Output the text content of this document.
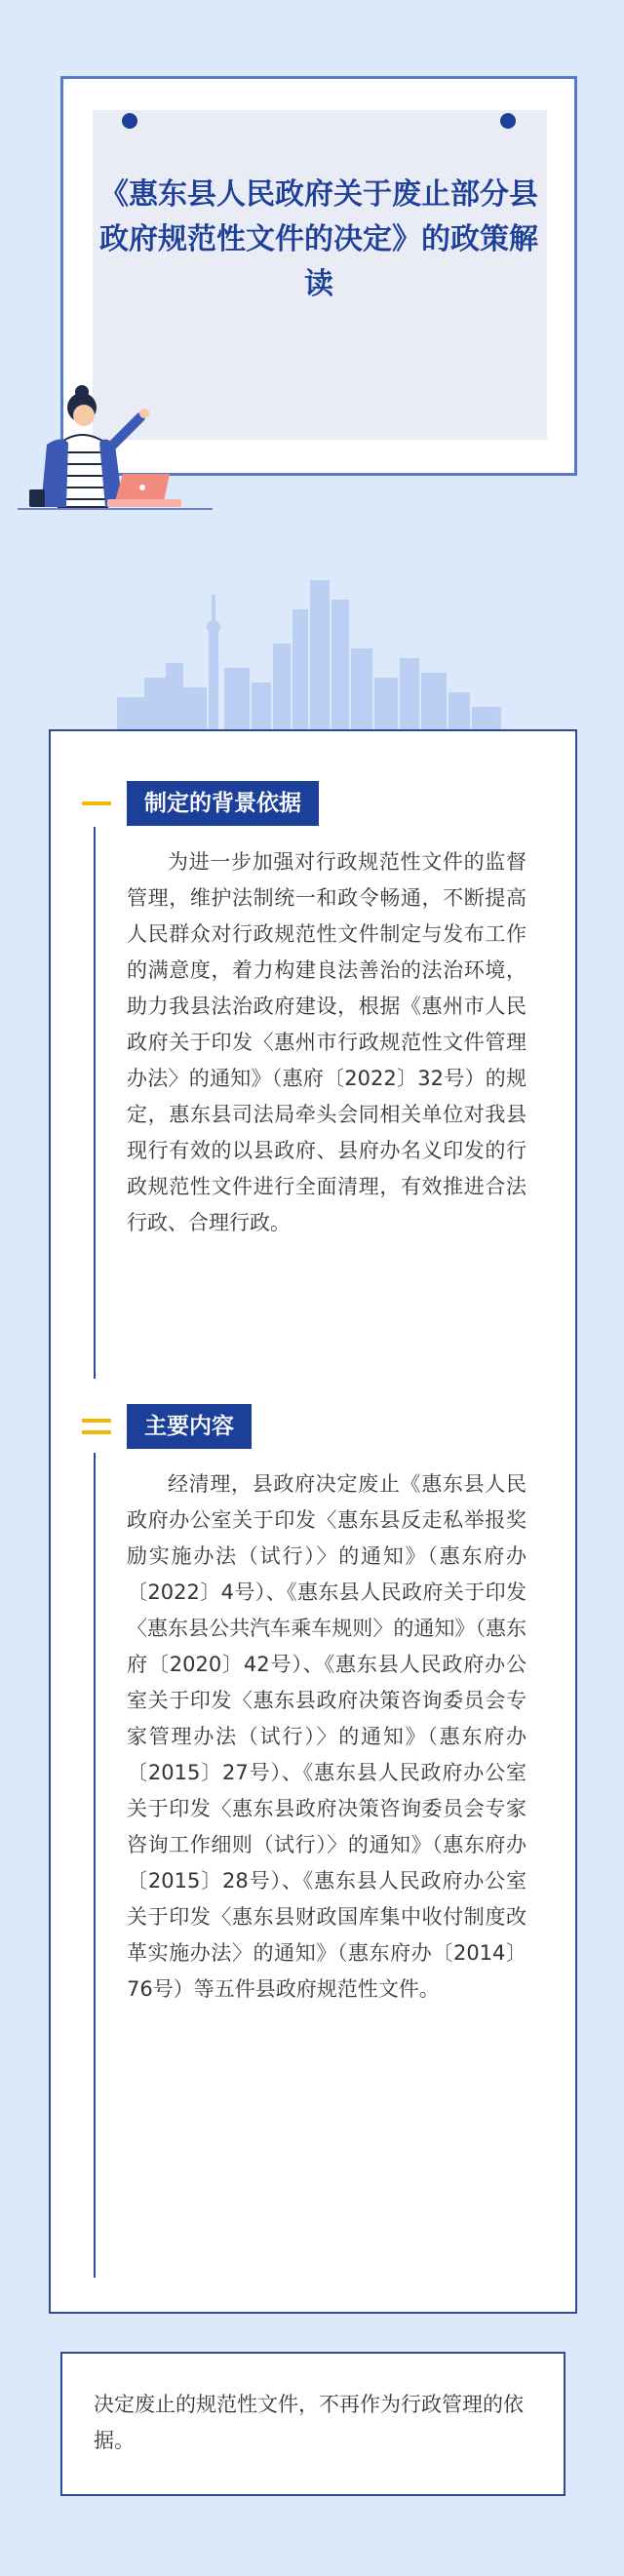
《惠东县人民政府关于废止部分县政府规范性文件的决定》的政策解读
制定的背景依据
为进一步加强对行政规范性文件的监督管理，维护法制统一和政令畅通，不断提高人民群众对行政规范性文件制定与发布工作的满意度，着力构建良法善治的法治环境，助力我县法治政府建设，根据《惠州市人民政府关于印发〈惠州市行政规范性文件管理办法〉的通知》（惠府〔2022〕32号）的规定，惠东县司法局牵头会同相关单位对我县现行有效的以县政府、县府办名义印发的行政规范性文件进行全面清理，有效推进合法行政、合理行政。
主要内容
经清理，县政府决定废止《惠东县人民政府办公室关于印发〈惠东县反走私举报奖励实施办法（试行）〉的通知》（惠东府办〔2022〕4号）、《惠东县人民政府关于印发〈惠东县公共汽车乘车规则〉的通知》（惠东府〔2020〕42号）、《惠东县人民政府办公室关于印发〈惠东县政府决策咨询委员会专家管理办法（试行）〉的通知》（惠东府办〔2015〕27号）、《惠东县人民政府办公室关于印发〈惠东县政府决策咨询委员会专家咨询工作细则（试行）〉的通知》（惠东府办〔2015〕28号）、《惠东县人民政府办公室关于印发〈惠东县财政国库集中收付制度改革实施办法〉的通知》（惠东府办〔2014〕76号）等五件县政府规范性文件。
决定废止的规范性文件，不再作为行政管理的依据。
